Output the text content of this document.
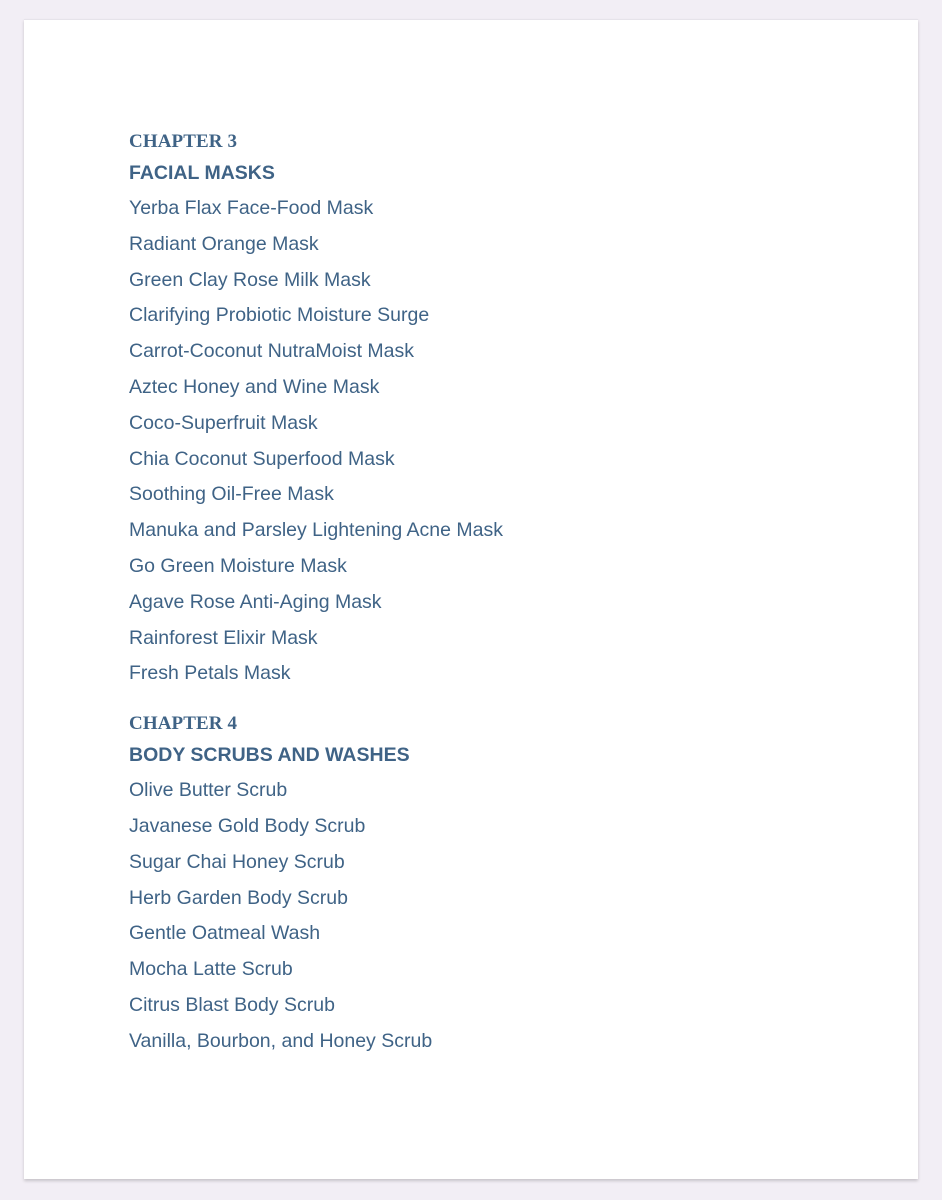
CHAPTER 3
FACIAL MASKS
Yerba Flax Face-Food Mask
Radiant Orange Mask
Green Clay Rose Milk Mask
Clarifying Probiotic Moisture Surge
Carrot-Coconut NutraMoist Mask
Aztec Honey and Wine Mask
Coco-Superfruit Mask
Chia Coconut Superfood Mask
Soothing Oil-Free Mask
Manuka and Parsley Lightening Acne Mask
Go Green Moisture Mask
Agave Rose Anti-Aging Mask
Rainforest Elixir Mask
Fresh Petals Mask
CHAPTER 4
BODY SCRUBS AND WASHES
Olive Butter Scrub
Javanese Gold Body Scrub
Sugar Chai Honey Scrub
Herb Garden Body Scrub
Gentle Oatmeal Wash
Mocha Latte Scrub
Citrus Blast Body Scrub
Vanilla, Bourbon, and Honey Scrub
